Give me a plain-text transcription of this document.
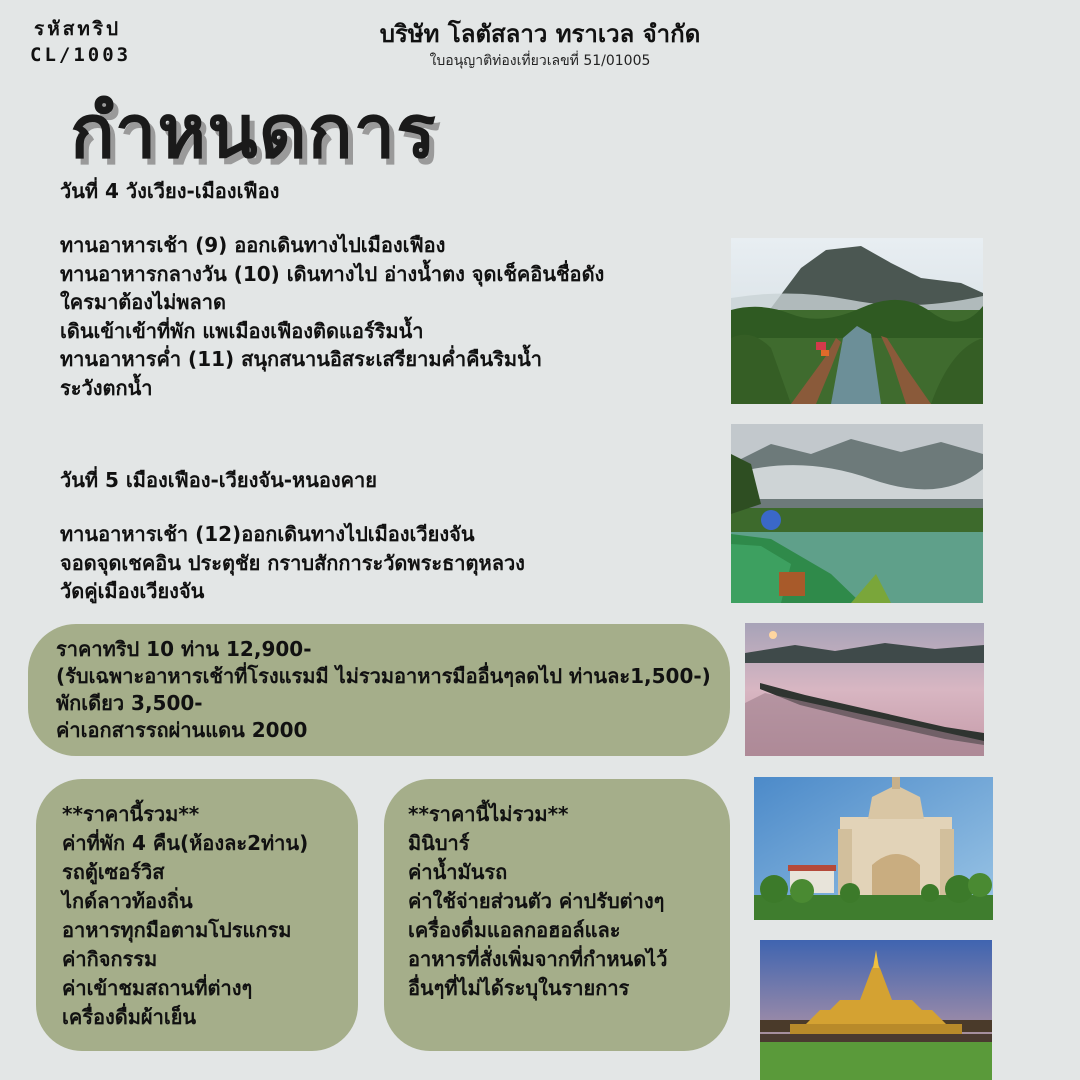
รหัสทริป
CL/1003
บริษัท โลตัสลาว ทราเวล จำกัด
ใบอนุญาติท่องเที่ยวเลขที่ 51/01005
กำหนดการ
วันที่ 4 วังเวียง-เมืองเฟือง
ทานอาหารเช้า (9) ออกเดินทางไปเมืองเฟือง
ทานอาหารกลางวัน (10) เดินทางไป อ่างน้ำตง จุดเช็คอินชื่อดัง
ใครมาต้องไม่พลาด
เดินเข้าเข้าที่พัก แพเมืองเฟืองติดแอร์ริมน้ำ
ทานอาหารค่ำ (11) สนุกสนานอิสระเสรียามค่ำคืนริมน้ำ
ระวังตกน้ำ
วันที่ 5 เมืองเฟือง-เวียงจัน-หนองคาย
ทานอาหารเช้า (12)ออกเดินทางไปเมืองเวียงจัน
จอดจุดเชคอิน ประตุชัย กราบสักการะวัดพระธาตุหลวง
วัดคู่เมืองเวียงจัน
ราคาทริป 10 ท่าน 12,900-
(รับเฉพาะอาหารเช้าที่โรงแรมมี ไม่รวมอาหารมืออื่นๆลดไป ท่านละ1,500-)
พักเดียว 3,500-
ค่าเอกสารรถผ่านแดน 2000
**ราคานี้รวม**
ค่าที่พัก 4 คืน(ห้องละ2ท่าน)
รถตู้เซอร์วิส
ไกด์ลาวท้องถิ่น
อาหารทุกมือตามโปรแกรม
ค่ากิจกรรม
ค่าเข้าชมสถานที่ต่างๆ
เครื่องดื่มผ้าเย็น
**ราคานี้ไม่รวม**
มินิบาร์
ค่าน้ำมันรถ
ค่าใช้จ่ายส่วนตัว ค่าปรับต่างๆ
เครื่องดื่มแอลกอฮอล์และ
อาหารที่สั่งเพิ่มจากที่กำหนดไว้
อื่นๆที่ไม่ได้ระบุในรายการ
